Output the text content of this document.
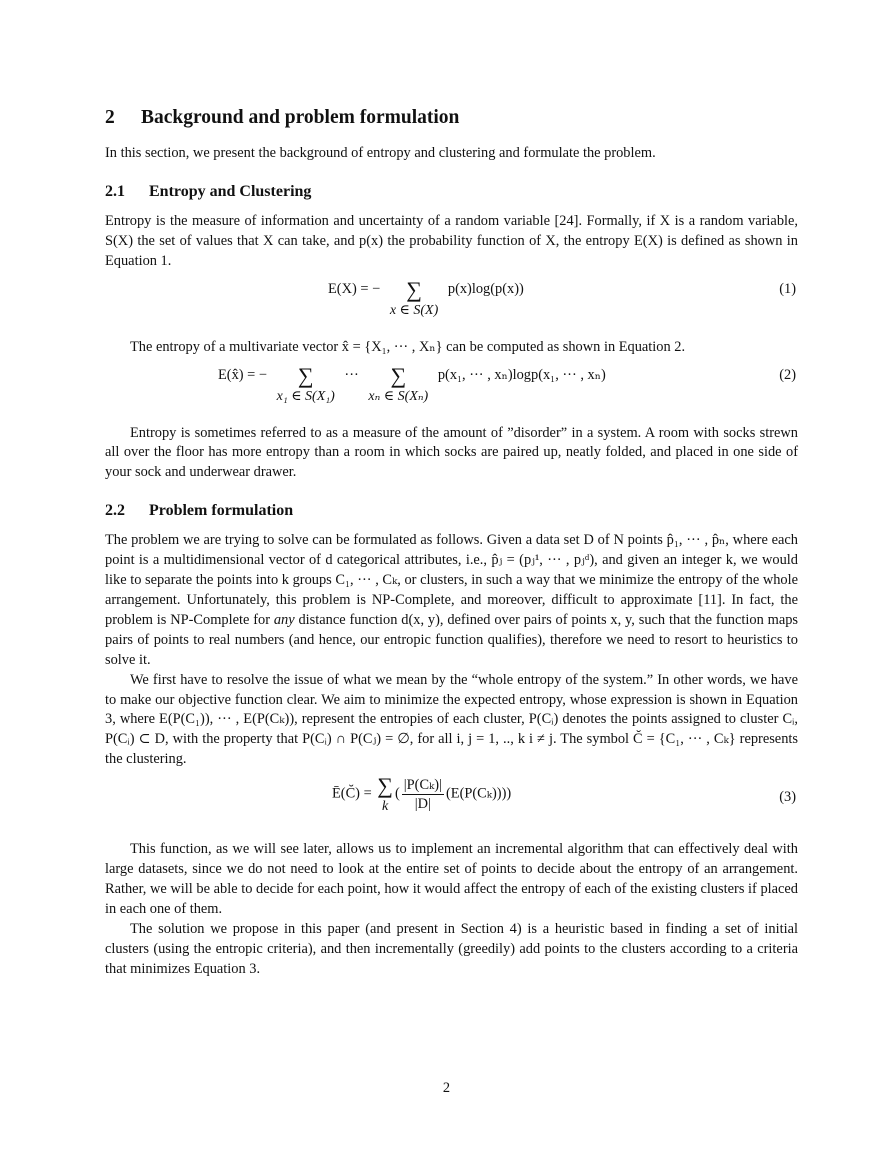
2 Background and problem formulation

In this section, we present the background of entropy and clustering and formulate the problem.

2.1 Entropy and Clustering

Entropy is the measure of information and uncertainty of a random variable [24]. Formally, if X is a random variable, S(X) the set of values that X can take, and p(x) the probability function of X, the entropy E(X) is defined as shown in Equation 1.

E(X) = −	∑
x ∈ S(X)
p(x)log(p(x))	(1)

The entropy of a multivariate vector x̂ = {X₁, ··· , Xₙ} can be computed as shown in Equation 2.

E(x̂) = −	∑
x₁ ∈ S(X₁)
···	∑
xₙ ∈ S(Xₙ)
p(x₁, ··· , xₙ)logp(x₁, ··· , xₙ)	(2)

Entropy is sometimes referred to as a measure of the amount of ”disorder” in a system. A room with socks strewn all over the floor has more entropy than a room in which socks are paired up, neatly folded, and placed in one side of your sock and underwear drawer.

2.2 Problem formulation

The problem we are trying to solve can be formulated as follows. Given a data set D of N points p̂₁, ··· , p̂ₙ, where each point is a multidimensional vector of d categorical attributes, i.e., p̂ⱼ = (pⱼ¹, ··· , pⱼᵈ), and given an integer k, we would like to separate the points into k groups C₁, ··· , Cₖ, or clusters, in such a way that we minimize the entropy of the whole arrangement. Unfortunately, this problem is NP-Complete, and moreover, difficult to approximate [11]. In fact, the problem is NP-Complete for any distance function d(x, y), defined over pairs of points x, y, such that the function maps pairs of points to real numbers (and hence, our entropic function qualifies), therefore we need to resort to heuristics to solve it.

We first have to resolve the issue of what we mean by the “whole entropy of the system.” In other words, we have to make our objective function clear. We aim to minimize the expected entropy, whose expression is shown in Equation 3, where E(P(C₁)), ··· , E(P(Cₖ)), represent the entropies of each cluster, P(Cᵢ) denotes the points assigned to cluster Cᵢ, P(Cᵢ) ⊂ D, with the property that P(Cᵢ) ∩ P(Cⱼ) = ∅, for all i, j = 1, .., k i ≠ j. The symbol C̆ = {C₁, ··· , Cₖ} represents the clustering.

Ē(C̆) = ∑
k
( $\frac{\text{|P(Cₖ)|}}{|D|} (E(P(C_k)))$)	(3)

This function, as we will see later, allows us to implement an incremental algorithm that can effectively deal with large datasets, since we do not need to look at the entire set of points to decide about the entropy of an arrangement. Rather, we will be able to decide for each point, how it would affect the entropy of each of the existing clusters if placed in each one of them.

The solution we propose in this paper (and present in Section 4) is a heuristic based in finding a set of initial clusters (using the entropic criteria), and then incrementally (greedily) add points to the clusters according to a criteria that minimizes Equation 3.

2
